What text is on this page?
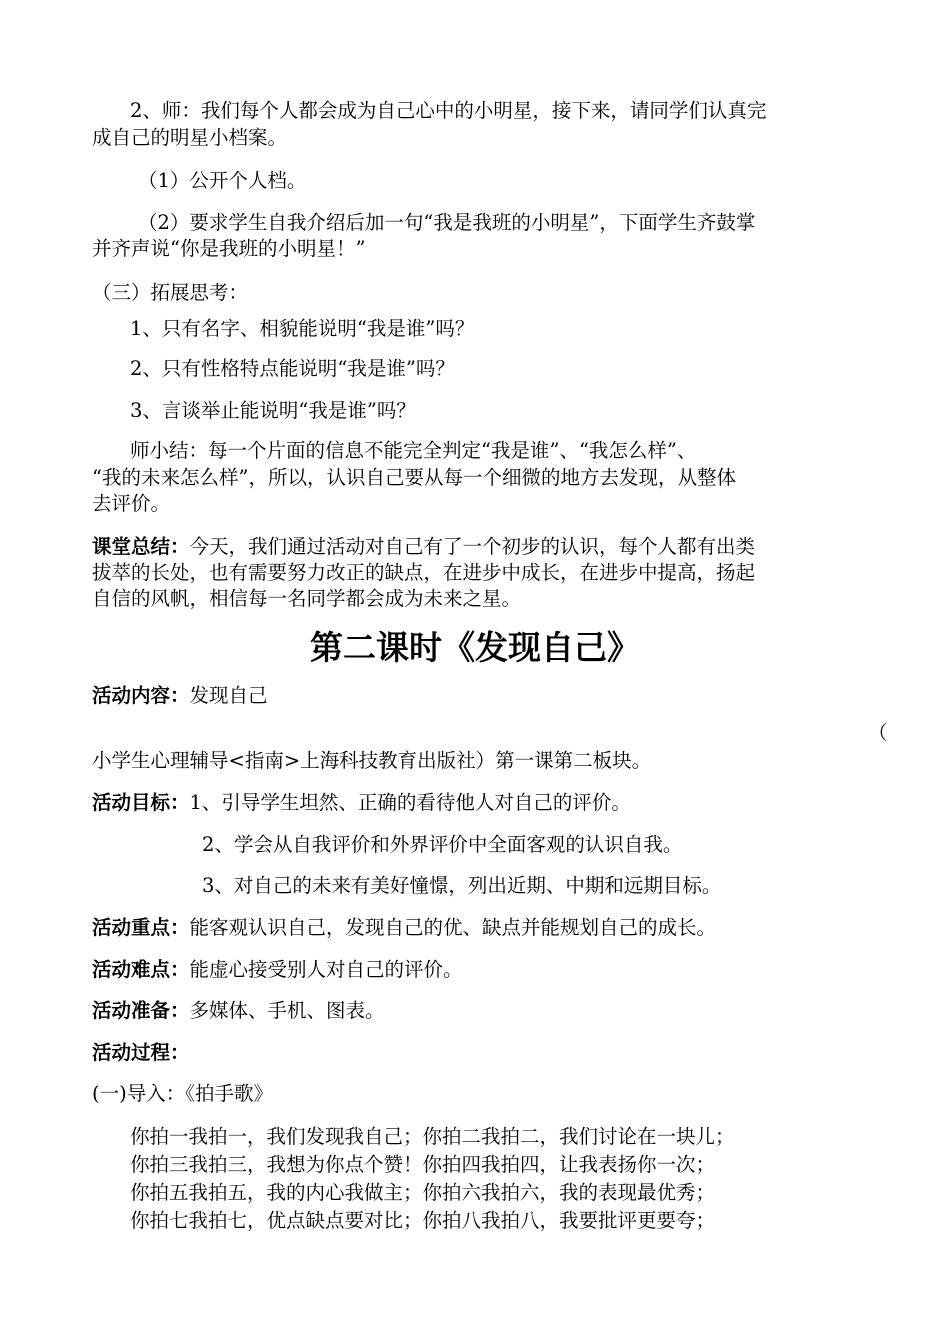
2、师：我们每个人都会成为自己心中的小明星，接下来，请同学们认真完
成自己的明星小档案。
（1）公开个人档。
（2）要求学生自我介绍后加一句“我是我班的小明星”，下面学生齐鼓掌
并齐声说“你是我班的小明星！”
（三）拓展思考：
1、只有名字、相貌能说明“我是谁”吗？
2、只有性格特点能说明“我是谁”吗？
3、言谈举止能说明“我是谁”吗？
师小结：每一个片面的信息不能完全判定“我是谁”、“我怎么样”、
“我的未来怎么样”，所以，认识自己要从每一个细微的地方去发现，从整体
去评价。
课堂总结：今天，我们通过活动对自己有了一个初步的认识，每个人都有出类
拔萃的长处，也有需要努力改正的缺点，在进步中成长，在进步中提高，扬起
自信的风帆，相信每一名同学都会成为未来之星。
第二课时《发现自己》
活动内容：发现自己
（
小学生心理辅导<指南>上海科技教育出版社）第一课第二板块。
活动目标：1、引导学生坦然、正确的看待他人对自己的评价。
2、学会从自我评价和外界评价中全面客观的认识自我。
3、对自己的未来有美好憧憬，列出近期、中期和远期目标。
活动重点：能客观认识自己，发现自己的优、缺点并能规划自己的成长。
活动难点：能虚心接受别人对自己的评价。
活动准备：多媒体、手机、图表。
活动过程：
(一)导入：《拍手歌》
你拍一我拍一，我们发现我自己；你拍二我拍二，我们讨论在一块儿；
你拍三我拍三，我想为你点个赞！你拍四我拍四，让我表扬你一次；
你拍五我拍五，我的内心我做主；你拍六我拍六，我的表现最优秀；
你拍七我拍七，优点缺点要对比；你拍八我拍八，我要批评更要夸；
